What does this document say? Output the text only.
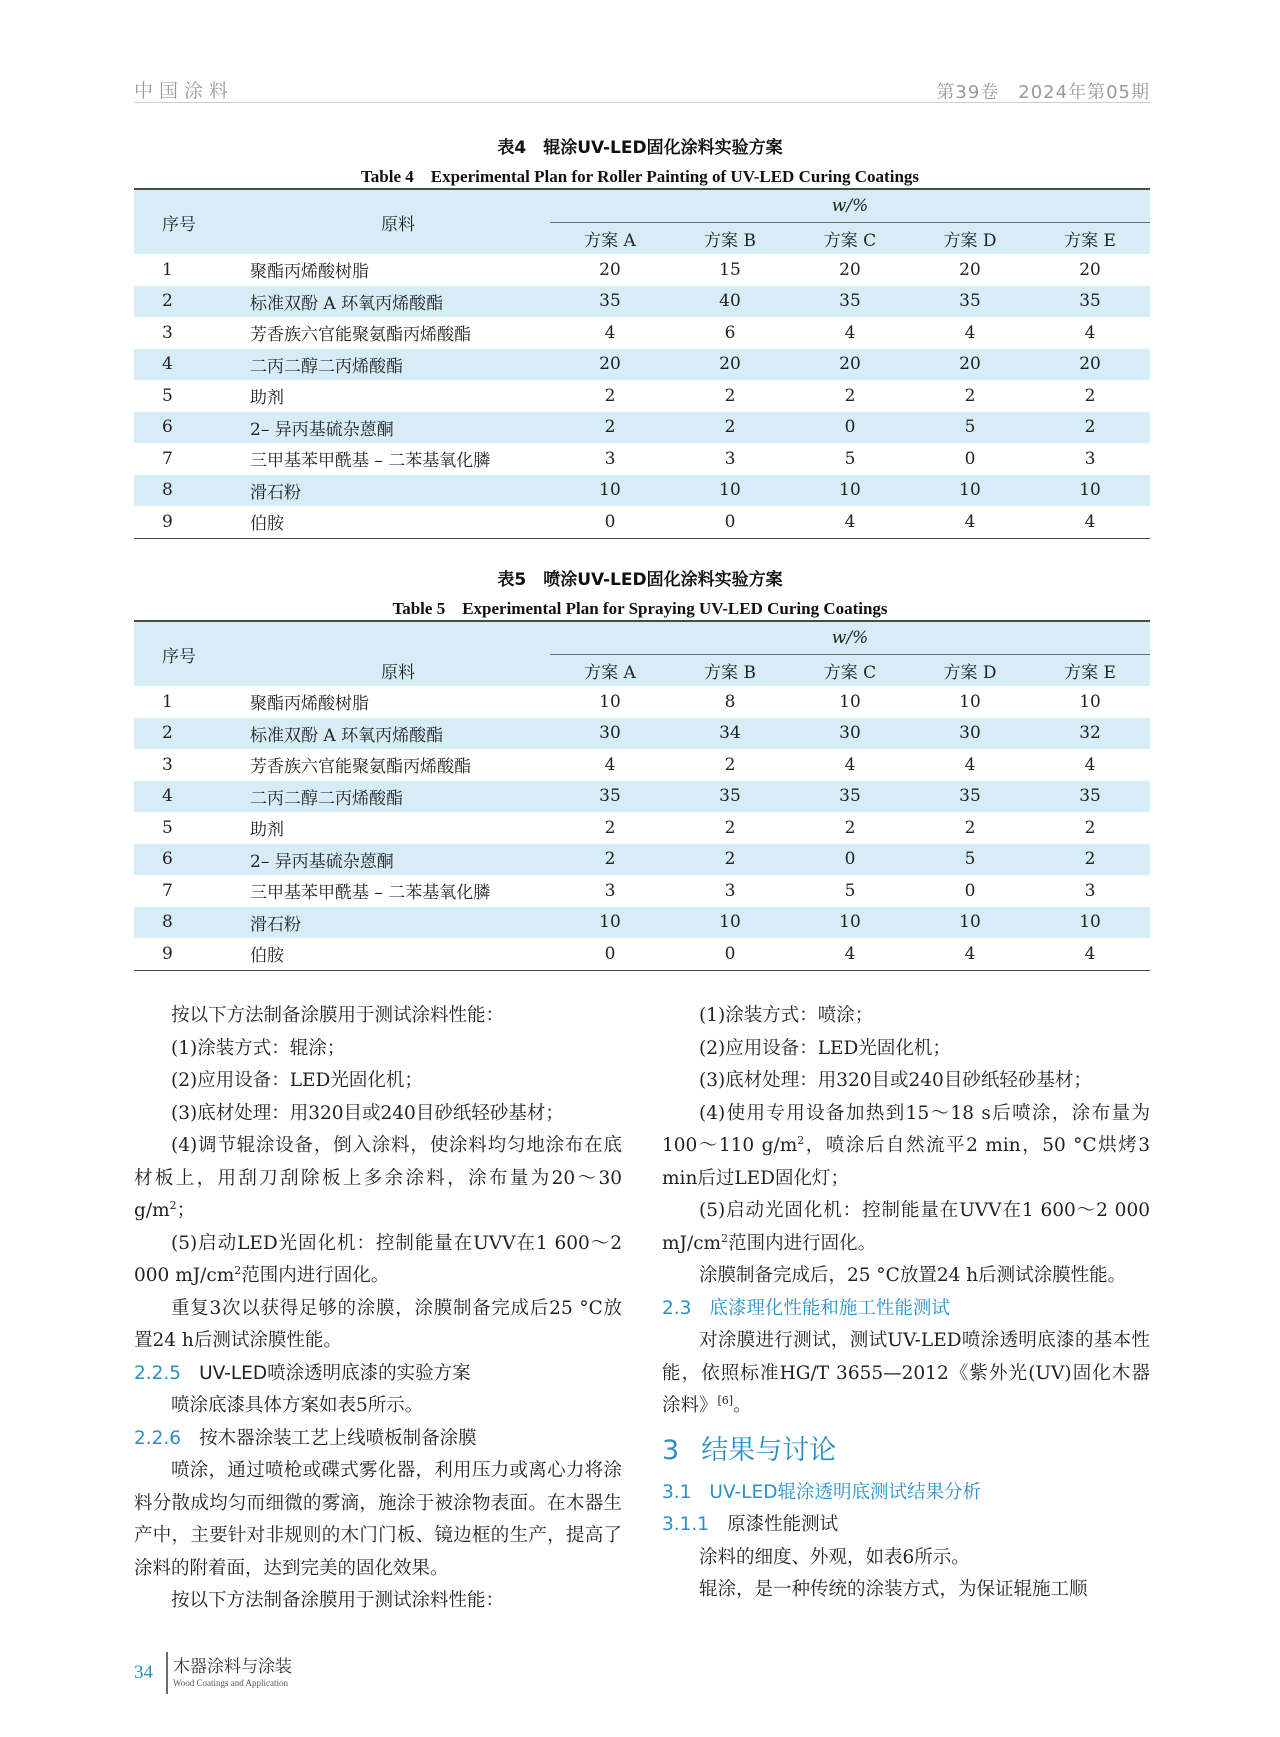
中国涂料	第39卷　2024年第05期
表4　辊涂UV-LED固化涂料实验方案
Table 4　Experimental Plan for Roller Painting of UV-LED Curing Coatings
序号	原料	w/%				
		方案 A	方案 B	方案 C	方案 D	方案 E
1	聚酯丙烯酸树脂	20	15	20	20	20
2	标准双酚 A 环氧丙烯酸酯	35	40	35	35	35
3	芳香族六官能聚氨酯丙烯酸酯	4	6	4	4	4
4	二丙二醇二丙烯酸酯	20	20	20	20	20
5	助剂	2	2	2	2	2
6	2– 异丙基硫杂蒽酮	2	2	0	5	2
7	三甲基苯甲酰基 – 二苯基氧化膦	3	3	5	0	3
8	滑石粉	10	10	10	10	10
9	伯胺	0	0	4	4	4
表5　喷涂UV-LED固化涂料实验方案
Table 5　Experimental Plan for Spraying UV-LED Curing Coatings
序号		w/%				
	原料	方案 A	方案 B	方案 C	方案 D	方案 E
1	聚酯丙烯酸树脂	10	8	10	10	10
2	标准双酚 A 环氧丙烯酸酯	30	34	30	30	32
3	芳香族六官能聚氨酯丙烯酸酯	4	2	4	4	4
4	二丙二醇二丙烯酸酯	35	35	35	35	35
5	助剂	2	2	2	2	2
6	2– 异丙基硫杂蒽酮	2	2	0	5	2
7	三甲基苯甲酰基 – 二苯基氧化膦	3	3	5	0	3
8	滑石粉	10	10	10	10	10
9	伯胺	0	0	4	4	4

按以下方法制备涂膜用于测试涂料性能：

(1)涂装方式：辊涂；

(2)应用设备：LED光固化机；

(3)底材处理：用320目或240目砂纸轻砂基材；

(4)调节辊涂设备，倒入涂料，使涂料均匀地涂布在底材板上，用刮刀刮除板上多余涂料，涂布量为20～30 $g/m^2$；

(5)启动LED光固化机：控制能量在UVV在1 600～2 000 $mJ/cm^2$范围内进行固化。

重复3次以获得足够的涂膜，涂膜制备完成后25 °C放置24 h后测试涂膜性能。

2.2.5 UV-LED喷涂透明底漆的实验方案

喷涂底漆具体方案如表5所示。

2.2.6 按木器涂装工艺上线喷板制备涂膜

喷涂，通过喷枪或碟式雾化器，利用压力或离心力将涂料分散成均匀而细微的雾滴，施涂于被涂物表面。在木器生产中，主要针对非规则的木门门板、镜边框的生产，提高了涂料的附着面，达到完美的固化效果。

按以下方法制备涂膜用于测试涂料性能：

(1)涂装方式：喷涂；

(2)应用设备：LED光固化机；

(3)底材处理：用320目或240目砂纸轻砂基材；

(4)使用专用设备加热到15～18 s后喷涂，涂布量为100～110 $g/m^2$，喷涂后自然流平2 min，50 °C烘烤3 min后过LED固化灯；

(5)启动光固化机：控制能量在UVV在1 600～2 000 $mJ/cm^2$范围内进行固化。

涂膜制备完成后，25 °C放置24 h后测试涂膜性能。

2.3 底漆理化性能和施工性能测试

对涂膜进行测试，测试UV-LED喷涂透明底漆的基本性能，依照标准HG/T 3655—2012《紫外光(UV)固化木器涂料》[6]。

3 结果与讨论

3.1 UV-LED辊涂透明底测试结果分析

3.1.1 原漆性能测试

涂料的细度、外观，如表6所示。

辊涂，是一种传统的涂装方式，为保证辊施工顺

34 木器涂料与涂装
Wood Coatings and Application
